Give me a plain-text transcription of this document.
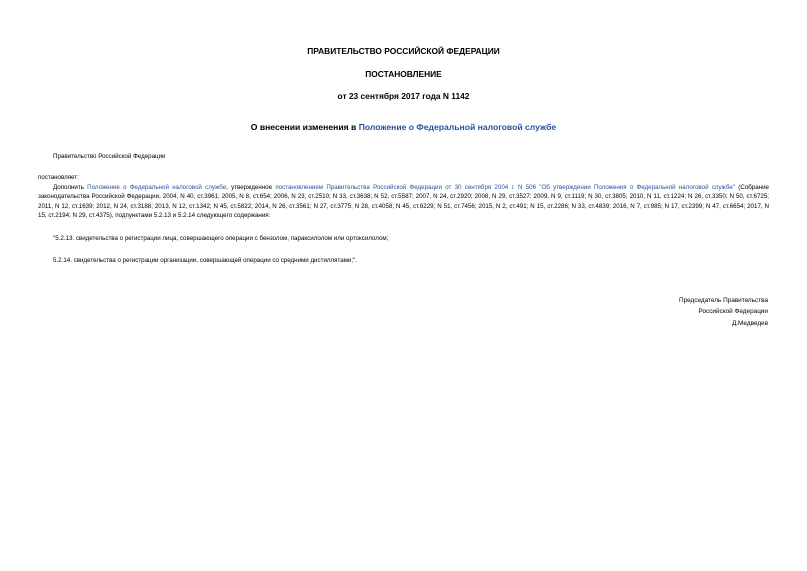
ПРАВИТЕЛЬСТВО РОССИЙСКОЙ ФЕДЕРАЦИИ
ПОСТАНОВЛЕНИЕ
от 23 сентября 2017 года N 1142
О внесении изменения в Положение о Федеральной налоговой службе
Правительство Российской Федерации
постановляет:
Дополнить Положение о Федеральной налоговой службе, утвержденное постановлением Правительства Российской Федерации от 30 сентября 2004 г. N 506 "Об утверждении Положения о Федеральной налоговой службе" (Собрание законодательства Российской Федерации, 2004, N 40, ст.3961; 2005, N 8, ст.654; 2006, N 23, ст.2510; N 33, ст.3638; N 52, ст.5587; 2007, N 24, ст.2920; 2008, N 29, ст.3527; 2009, N 9, ст.1119; N 30, ст.3805; 2010, N 11, ст.1224; N 26, ст.3350; N 50, ст.6725; 2011, N 12, ст.1639; 2012, N 24, ст.3188; 2013, N 12, ст.1342; N 45, ст.5822; 2014, N 26, ст.3561; N 27, ст.3775; N 28, ст.4058; N 45, ст.6229; N 51, ст.7456; 2015, N 2, ст.491; N 15, ст.2286; N 33, ст.4839; 2016, N 7, ст.985; N 17, ст.2399; N 47, ст.6654; 2017, N 15, ст.2194; N 29, ст.4375), подпунктами 5.2.13 и 5.2.14 следующего содержания:
"5.2.13. свидетельства о регистрации лица, совершающего операции с бензолом, параксилолом или ортоксилолом;
5.2.14. свидетельства о регистрации организации, совершающей операции со средними дистиллятами;".
Председатель Правительства
Российской Федерации
Д.Медведев
